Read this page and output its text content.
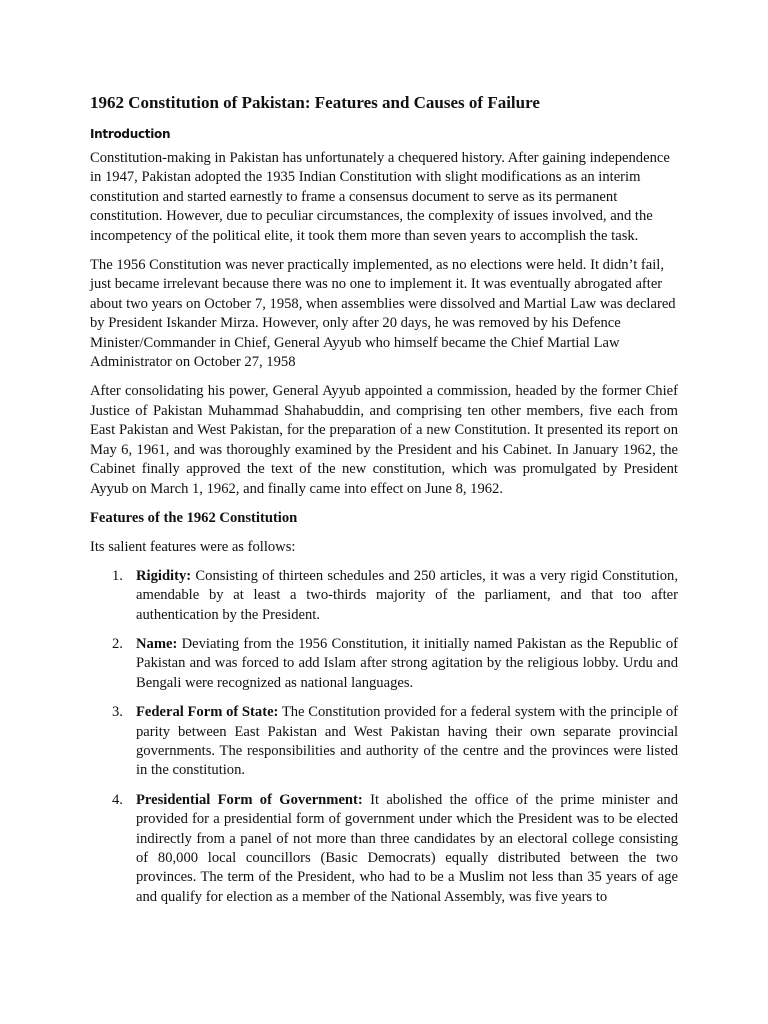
1962 Constitution of Pakistan: Features and Causes of Failure
Introduction

Constitution-making in Pakistan has unfortunately a chequered history. After gaining independence in 1947, Pakistan adopted the 1935 Indian Constitution with slight modifications as an interim constitution and started earnestly to frame a consensus document to serve as its permanent constitution. However, due to peculiar circumstances, the complexity of issues involved, and the incompetency of the political elite, it took them more than seven years to accomplish the task.

The 1956 Constitution was never practically implemented, as no elections were held. It didn’t fail, just became irrelevant because there was no one to implement it. It was eventually abrogated after about two years on October 7, 1958, when assemblies were dissolved and Martial Law was declared by President Iskander Mirza. However, only after 20 days, he was removed by his Defence Minister/Commander in Chief, General Ayyub who himself became the Chief Martial Law Administrator on October 27, 1958

After consolidating his power, General Ayyub appointed a commission, headed by the former Chief Justice of Pakistan Muhammad Shahabuddin, and comprising ten other members, five each from East Pakistan and West Pakistan, for the preparation of a new Constitution. It presented its report on May 6, 1961, and was thoroughly examined by the President and his Cabinet. In January 1962, the Cabinet finally approved the text of the new constitution, which was promulgated by President Ayyub on March 1, 1962, and finally came into effect on June 8, 1962.

Features of the 1962 Constitution

Its salient features were as follows:

1. Rigidity: Consisting of thirteen schedules and 250 articles, it was a very rigid Constitution, amendable by at least a two-thirds majority of the parliament, and that too after authentication by the President.
2. Name: Deviating from the 1956 Constitution, it initially named Pakistan as the Republic of Pakistan and was forced to add Islam after strong agitation by the religious lobby. Urdu and Bengali were recognized as national languages.
3. Federal Form of State: The Constitution provided for a federal system with the principle of parity between East Pakistan and West Pakistan having their own separate provincial governments. The responsibilities and authority of the centre and the provinces were listed in the constitution.
4. Presidential Form of Government: It abolished the office of the prime minister and provided for a presidential form of government under which the President was to be elected indirectly from a panel of not more than three candidates by an electoral college consisting of 80,000 local councillors (Basic Democrats) equally distributed between the two provinces. The term of the President, who had to be a Muslim not less than 35 years of age and qualify for election as a member of the National Assembly, was five years to
